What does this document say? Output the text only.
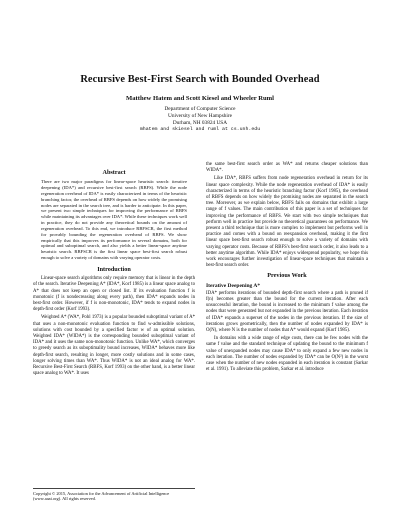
Recursive Best-First Search with Bounded Overhead
Matthew Hatem and Scott Kiesel and Wheeler Ruml
Department of Computer Science
University of New Hampshire
Durham, NH 03824 USA
mhatem and skiesel and ruml at cs.unh.edu
Abstract

There are two major paradigms for linear-space heuristic search: iterative deepening (IDA*) and recursive best-first search (RBFS). While the node regeneration overhead of IDA* is easily characterized in terms of the heuristic branching factor, the overhead of RBFS depends on how widely the promising nodes are separated in the search tree, and is harder to anticipate. In this paper, we present two simple techniques for improving the performance of RBFS while maintaining its advantages over IDA*. While these techniques work well in practice, they do not provide any theoretical bounds on the amount of regeneration overhead. To this end, we introduce RBFSCR, the first method for provably bounding the regeneration overhead of RBFS. We show empirically that this improves its performance in several domains, both for optimal and suboptimal search, and also yields a better linear-space anytime heuristic search. RBFSCR is the first linear space best-first search robust enough to solve a variety of domains with varying operator costs.

Introduction

Linear-space search algorithms only require memory that is linear in the depth of the search. Iterative Deepening A* (IDA*, Korf 1985) is a linear space analog to A* that does not keep an open or closed list. If its evaluation function f is monotonic (f is nondecreasing along every path), then IDA* expands nodes in best-first order. However, if f is non-monotonic, IDA* tends to expand nodes in depth-first order (Korf 1993).

Weighted A* (WA*, Pohl 1973) is a popular bounded suboptimal variant of A* that uses a non-monotonic evaluation function to find w-admissible solutions, solutions with cost bounded by a specified factor w of an optimal solution. Weighted IDA* (WIDA*) is the corresponding bounded suboptimal variant of IDA* and it uses the same non-monotonic function. Unlike WA*, which converges to greedy search as its suboptimality bound increases, WIDA* behaves more like depth-first search, resulting in longer, more costly solutions and in some cases, longer solving times than WA*. Thus WIDA* is not an ideal analog for WA*. Recursive Best-First Search (RBFS, Korf 1993) on the other hand, is a better linear space analog to WA*. It uses

the same best-first search order as WA* and returns cheaper solutions than WIDA*.

Like IDA*, RBFS suffers from node regeneration overhead in return for its linear space complexity. While the node regeneration overhead of IDA* is easily characterized in terms of the heuristic branching factor (Korf 1985), the overhead of RBFS depends on how widely the promising nodes are separated in the search tree. Moreover, as we explain below, RBFS fails on domains that exhibit a large range of f values. The main contribution of this paper is a set of techniques for improving the performance of RBFS. We start with two simple techniques that perform well in practice but provide no theoretical guarantees on performance. We present a third technique that is more complex to implement but performs well in practice and comes with a bound on reexpansion overhead, making it the first linear space best-first search robust enough to solve a variety of domains with varying operator costs. Because of RBFS's best-first search order, it also leads to a better anytime algorithm. While IDA* enjoys widespread popularity, we hope this work encourages further investigation of linear-space techniques that maintain a best-first search order.

Previous Work
Iterative Deepening A*

IDA* performs iterations of bounded depth-first search where a path is pruned if f(n) becomes greater than the bound for the current iteration. After each unsuccessful iteration, the bound is increased to the minimum f value among the nodes that were generated but not expanded in the previous iteration. Each iteration of IDA* expands a superset of the nodes in the previous iteration. If the size of iterations grows geometrically, then the number of nodes expanded by IDA* is O(N), where N is the number of nodes that A* would expand (Korf 1985).

In domains with a wide range of edge costs, there can be few nodes with the same f value and the standard technique of updating the bound to the minimum f value of unexpanded nodes may cause IDA* to only expand a few new nodes in each iteration. The number of nodes expanded by IDA* can be O(N²) in the worst case when the number of new nodes expanded in each iteration is constant (Sarkar et al. 1991). To alleviate this problem, Sarkar et al. introduce

Copyright © 2015, Association for the Advancement of Artificial Intelligence (www.aaai.org). All rights reserved.
